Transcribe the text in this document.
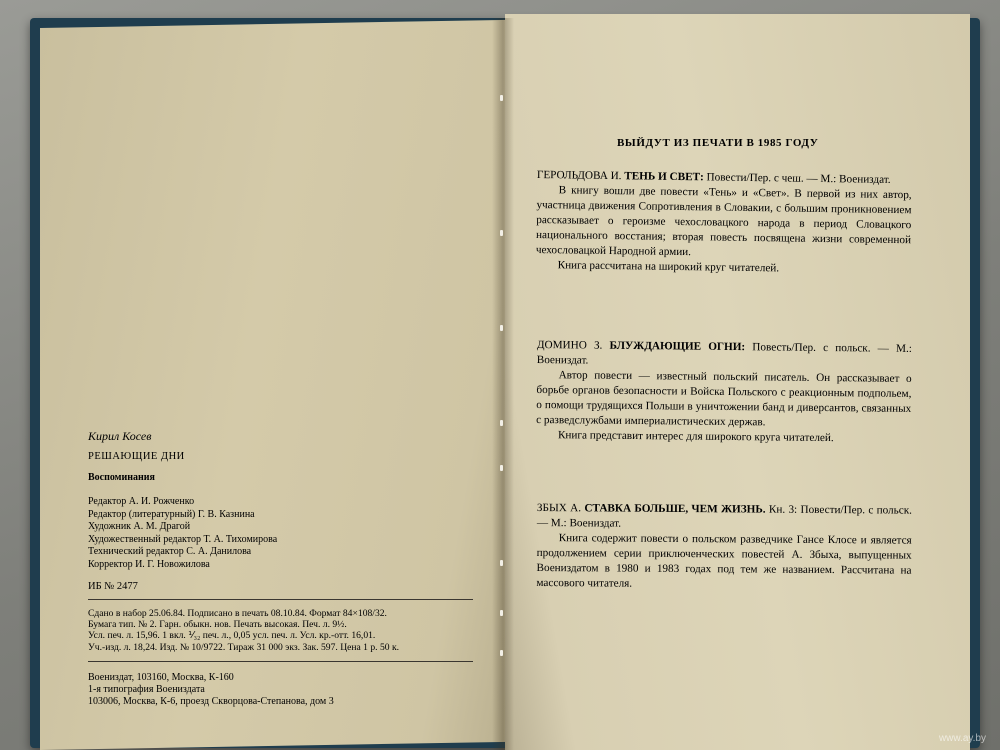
Кирил Косев
РЕШАЮЩИЕ ДНИ
Воспоминания
Редактор А. И. Рожченко
Редактор (литературный) Г. В. Казнина
Художник А. М. Драгой
Художественный редактор Т. А. Тихомирова
Технический редактор С. А. Данилова
Корректор И. Г. Новожилова
ИБ № 2477
Сдано в набор 25.06.84. Подписано в печать 08.10.84. Формат 84×108/32.
Бумага тип. № 2. Гарн. обыкн. нов. Печать высокая. Печ. л. 9½.
Усл. печ. л. 15,96. 1 вкл. ⅟₃₂ печ. л., 0,05 усл. печ. л. Усл. кр.-отт. 16,01.
Уч.-изд. л. 18,24. Изд. № 10/9722. Тираж 31 000 экз. Зак. 597. Цена 1 р. 50 к.
Воениздат, 103160, Москва, К-160
1-я типография Воениздата
103006, Москва, К-6, проезд Скворцова-Степанова, дом 3
ВЫЙДУТ ИЗ ПЕЧАТИ В 1985 ГОДУ
ГЕРОЛЬДОВА И. ТЕНЬ И СВЕТ: Повести/Пер. с чеш. — М.: Воениздат.
В книгу вошли две повести «Тень» и «Свет». В первой из них автор, участница движения Сопротивления в Словакии, с большим проникновением рассказывает о героизме чехословацкого народа в период Словацкого национального восстания; вторая повесть посвящена жизни современной чехословацкой Народной армии.
Книга рассчитана на широкий круг читателей.
ДОМИНО З. БЛУЖДАЮЩИЕ ОГНИ: Повесть/Пер. с польск. — М.: Воениздат.
Автор повести — известный польский писатель. Он рассказывает о борьбе органов безопасности и Войска Польского с реакционным подпольем, о помощи трудящихся Польши в уничтожении банд и диверсантов, связанных с разведслужбами империалистических держав.
Книга представит интерес для широкого круга читателей.
ЗБЫХ А. СТАВКА БОЛЬШЕ, ЧЕМ ЖИЗНЬ. Кн. 3: Повести/Пер. с польск. — М.: Воениздат.
Книга содержит повести о польском разведчике Гансе Клосе и является продолжением серии приключенческих повестей А. Збыха, выпущенных Воениздатом в 1980 и 1983 годах под тем же названием. Рассчитана на массового читателя.
www.ay.by
